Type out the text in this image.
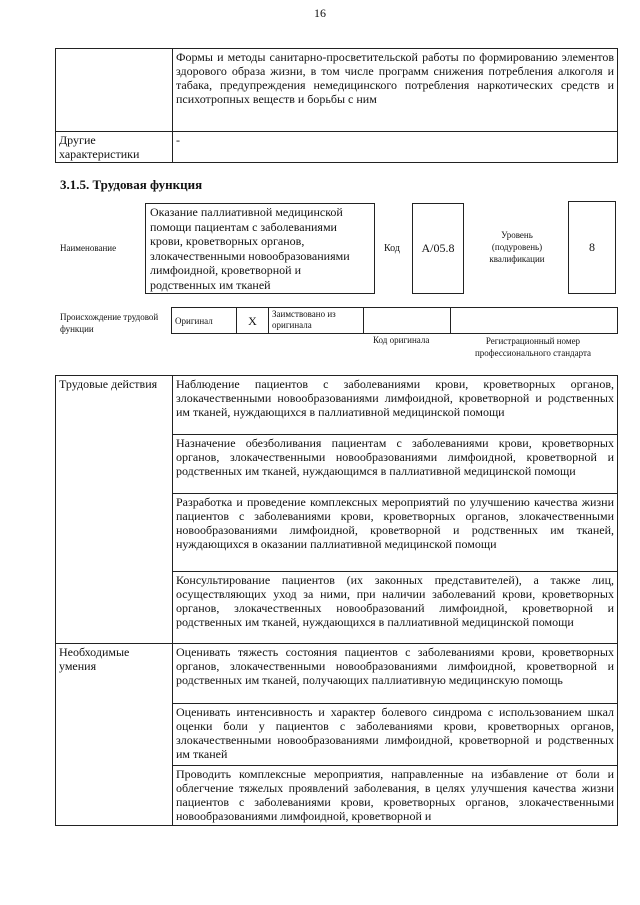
16
	Формы и методы санитарно-просветительской работы по формированию элементов здорового образа жизни, в том числе программ снижения потребления алкоголя и табака, предупреждения немедицинского потребления наркотических средств и психотропных веществ и борьбы с ним
Другие характеристики	-
3.1.5. Трудовая функция
Наименование
Оказание паллиативной медицинской помощи пациентам с заболеваниями крови, кроветворных органов, злокачественными новообразованиями лимфоидной, кроветворной и родственных им тканей
Код	A/05.8
Уровень (подуровень) квалификации
8
Происхождение трудовой функции
Оригинал	X	Заимствовано из оригинала		
Код оригинала	Регистрационный номер профессионального стандарта
Трудовые действия	Наблюдение пациентов с заболеваниями крови, кроветворных органов, злокачественными новообразованиями лимфоидной, кроветворной и родственных им тканей, нуждающихся в паллиативной медицинской помощи
	Назначение обезболивания пациентам с заболеваниями крови, кроветворных органов, злокачественными новообразованиями лимфоидной, кроветворной и родственных им тканей, нуждающимся в паллиативной медицинской помощи
	Разработка и проведение комплексных мероприятий по улучшению качества жизни пациентов с заболеваниями крови, кроветворных органов, злокачественными новообразованиями лимфоидной, кроветворной и родственных им тканей, нуждающихся в оказании паллиативной медицинской помощи
	Консультирование пациентов (их законных представителей), а также лиц, осуществляющих уход за ними, при наличии заболеваний крови, кроветворных органов, злокачественных новообразований лимфоидной, кроветворной и родственных им тканей, нуждающихся в паллиативной медицинской помощи
Необходимые умения	Оценивать тяжесть состояния пациентов с заболеваниями крови, кроветворных органов, злокачественными новообразованиями лимфоидной, кроветворной и родственных им тканей, получающих паллиативную медицинскую помощь
	Оценивать интенсивность и характер болевого синдрома с использованием шкал оценки боли у пациентов с заболеваниями крови, кроветворных органов, злокачественными новообразованиями лимфоидной, кроветворной и родственных им тканей
	Проводить комплексные мероприятия, направленные на избавление от боли и облегчение тяжелых проявлений заболевания, в целях улучшения качества жизни пациентов с заболеваниями крови, кроветворных органов, злокачественными новообразованиями лимфоидной, кроветворной и
